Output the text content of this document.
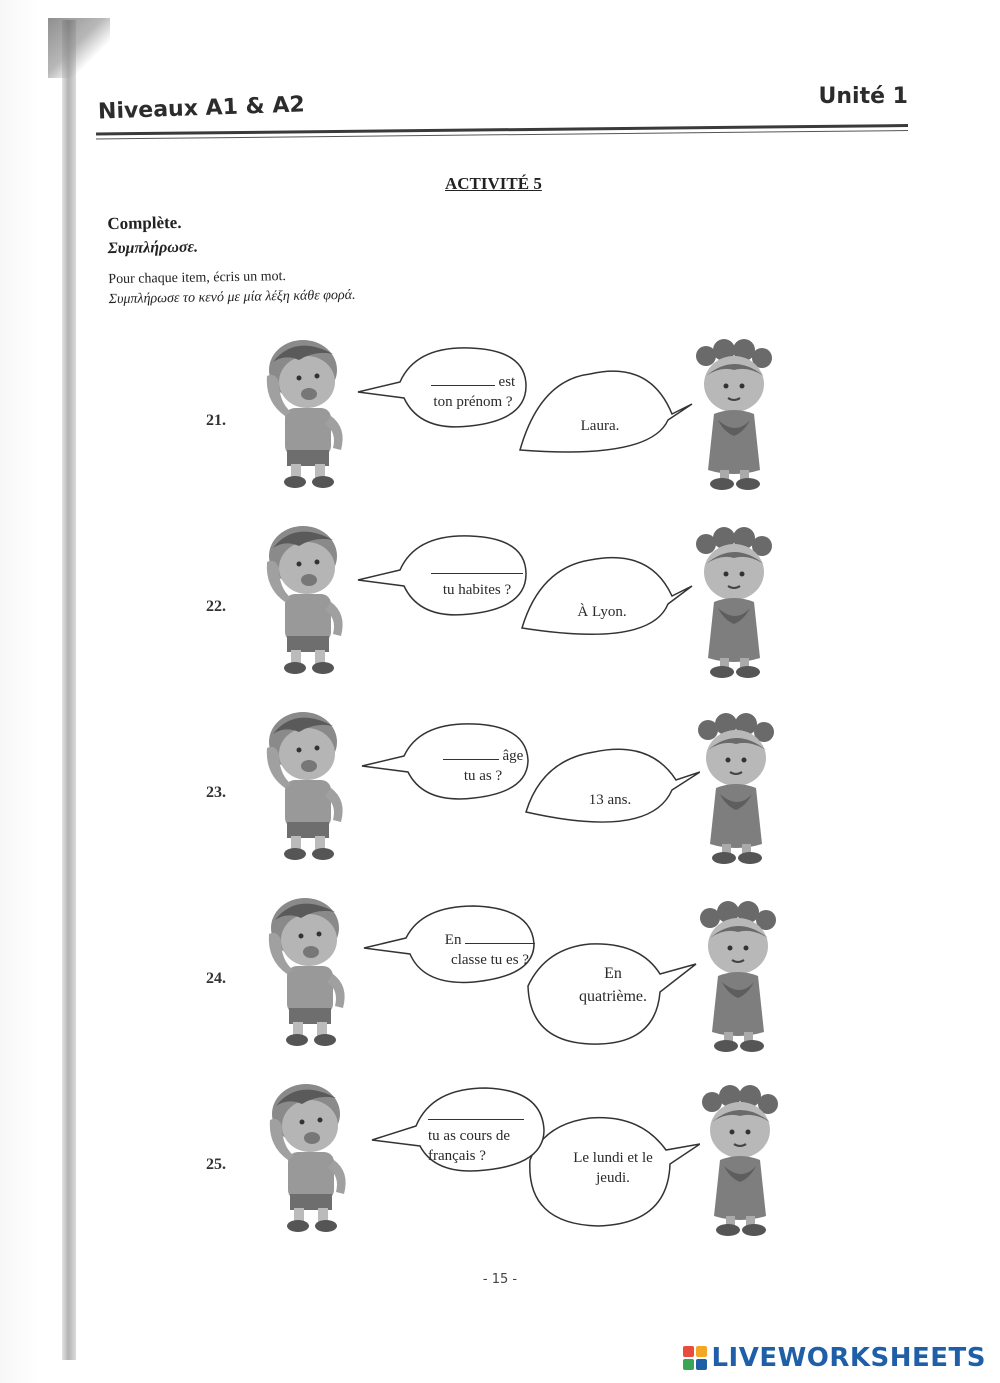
Niveaux A1 & A2	Unité 1
ACTIVITÉ 5
Complète.
Συμπλήρωσε.
Pour chaque item, écris un mot.
Συμπλήρωσε το κενό με μία λέξη κάθε φορά.
21.
est
ton prénom ?
Laura.
22.
tu habites ?
À Lyon.
23.
âge
tu as ?
13 ans.
24.
En
classe tu es ?
En
quatrième.
25.
tu as cours de
français ?	Le lundi et le
jeudi.
- 15 -
LIVEWORKSHEETS
